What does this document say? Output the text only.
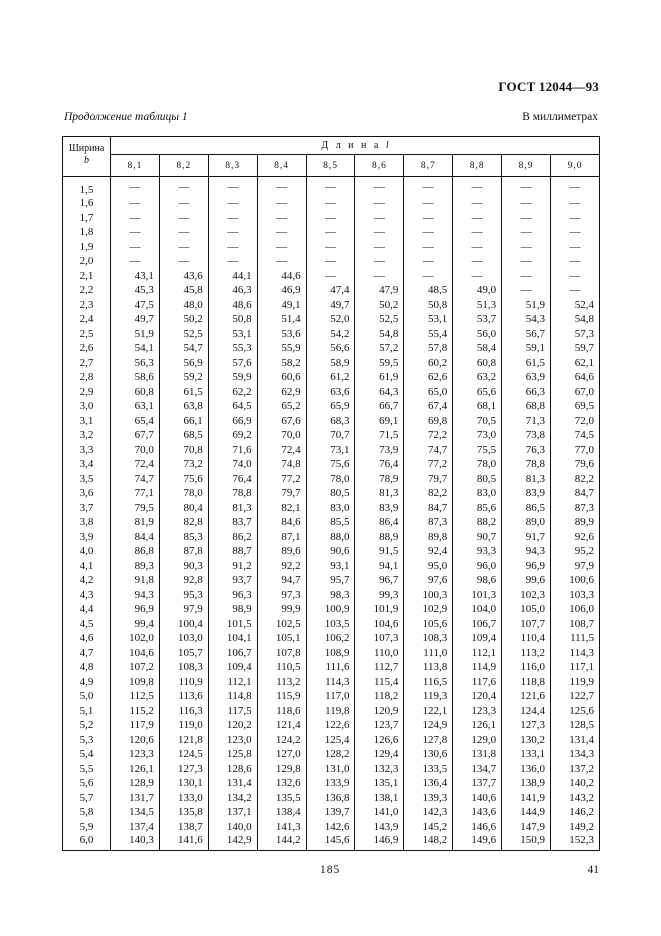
ГОСТ 12044—93
Продолжение таблицы 1	В миллиметрах
Ширина
b	Д л и н а l									
	8,1	8,2	8,3	8,4	8,5	8,6	8,7	8,8	8,9	9,0
1,5	—	—	—	—	—	—	—	—	—	—
1,6	—	—	—	—	—	—	—	—	—	—
1,7	—	—	—	—	—	—	—	—	—	—
1,8	—	—	—	—	—	—	—	—	—	—
1,9	—	—	—	—	—	—	—	—	—	—
2,0	—	—	—	—	—	—	—	—	—	—
2,1	43,1	43,6	44,1	44,6	—	—	—	—	—	—
2,2	45,3	45,8	46,3	46,9	47,4	47,9	48,5	49,0	—	—
2,3	47,5	48,0	48,6	49,1	49,7	50,2	50,8	51,3	51,9	52,4
2,4	49,7	50,2	50,8	51,4	52,0	52,5	53,1	53,7	54,3	54,8
2,5	51,9	52,5	53,1	53,6	54,2	54,8	55,4	56,0	56,7	57,3
2,6	54,1	54,7	55,3	55,9	56,6	57,2	57,8	58,4	59,1	59,7
2,7	56,3	56,9	57,6	58,2	58,9	59,5	60,2	60,8	61,5	62,1
2,8	58,6	59,2	59,9	60,6	61,2	61,9	62,6	63,2	63,9	64,6
2,9	60,8	61,5	62,2	62,9	63,6	64,3	65,0	65,6	66,3	67,0
3,0	63,1	63,8	64,5	65,2	65,9	66,7	67,4	68,1	68,8	69,5
3,1	65,4	66,1	66,9	67,6	68,3	69,1	69,8	70,5	71,3	72,0
3,2	67,7	68,5	69,2	70,0	70,7	71,5	72,2	73,0	73,8	74,5
3,3	70,0	70,8	71,6	72,4	73,1	73,9	74,7	75,5	76,3	77,0
3,4	72,4	73,2	74,0	74,8	75,6	76,4	77,2	78,0	78,8	79,6
3,5	74,7	75,6	76,4	77,2	78,0	78,9	79,7	80,5	81,3	82,2
3,6	77,1	78,0	78,8	79,7	80,5	81,3	82,2	83,0	83,9	84,7
3,7	79,5	80,4	81,3	82,1	83,0	83,9	84,7	85,6	86,5	87,3
3,8	81,9	82,8	83,7	84,6	85,5	86,4	87,3	88,2	89,0	89,9
3,9	84,4	85,3	86,2	87,1	88,0	88,9	89,8	90,7	91,7	92,6
4,0	86,8	87,8	88,7	89,6	90,6	91,5	92,4	93,3	94,3	95,2
4,1	89,3	90,3	91,2	92,2	93,1	94,1	95,0	96,0	96,9	97,9
4,2	91,8	92,8	93,7	94,7	95,7	96,7	97,6	98,6	99,6	100,6
4,3	94,3	95,3	96,3	97,3	98,3	99,3	100,3	101,3	102,3	103,3
4,4	96,9	97,9	98,9	99,9	100,9	101,9	102,9	104,0	105,0	106,0
4,5	99,4	100,4	101,5	102,5	103,5	104,6	105,6	106,7	107,7	108,7
4,6	102,0	103,0	104,1	105,1	106,2	107,3	108,3	109,4	110,4	111,5
4,7	104,6	105,7	106,7	107,8	108,9	110,0	111,0	112,1	113,2	114,3
4,8	107,2	108,3	109,4	110,5	111,6	112,7	113,8	114,9	116,0	117,1
4,9	109,8	110,9	112,1	113,2	114,3	115,4	116,5	117,6	118,8	119,9
5,0	112,5	113,6	114,8	115,9	117,0	118,2	119,3	120,4	121,6	122,7
5,1	115,2	116,3	117,5	118,6	119,8	120,9	122,1	123,3	124,4	125,6
5,2	117,9	119,0	120,2	121,4	122,6	123,7	124,9	126,1	127,3	128,5
5,3	120,6	121,8	123,0	124,2	125,4	126,6	127,8	129,0	130,2	131,4
5,4	123,3	124,5	125,8	127,0	128,2	129,4	130,6	131,8	133,1	134,3
5,5	126,1	127,3	128,6	129,8	131,0	132,3	133,5	134,7	136,0	137,2
5,6	128,9	130,1	131,4	132,6	133,9	135,1	136,4	137,7	138,9	140,2
5,7	131,7	133,0	134,2	135,5	136,8	138,1	139,3	140,6	141,9	143,2
5,8	134,5	135,8	137,1	138,4	139,7	141,0	142,3	143,6	144,9	146,2
5,9	137,4	138,7	140,0	141,3	142,6	143,9	145,2	146,6	147,9	149,2
6,0	140,3	141,6	142,9	144,2	145,6	146,9	148,2	149,6	150,9	152,3
185	41
